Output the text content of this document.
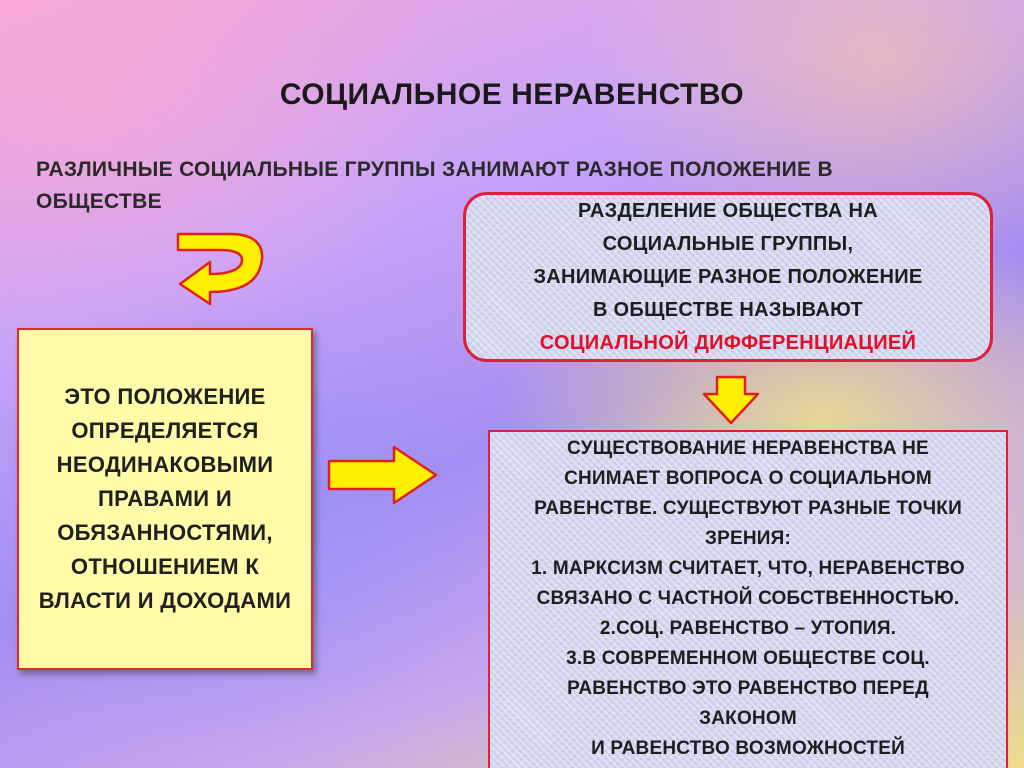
СОЦИАЛЬНОЕ НЕРАВЕНСТВО
РАЗЛИЧНЫЕ СОЦИАЛЬНЫЕ ГРУППЫ ЗАНИМАЮТ РАЗНОЕ ПОЛОЖЕНИЕ В ОБЩЕСТВЕ
ЭТО ПОЛОЖЕНИЕ ОПРЕДЕЛЯЕТСЯ НЕОДИНАКОВЫМИ ПРАВАМИ И ОБЯЗАННОСТЯМИ, ОТНОШЕНИЕМ К ВЛАСТИ И ДОХОДАМИ
РАЗДЕЛЕНИЕ ОБЩЕСТВА НА
СОЦИАЛЬНЫЕ ГРУППЫ,
ЗАНИМАЮЩИЕ РАЗНОЕ ПОЛОЖЕНИЕ
В ОБЩЕСТВЕ НАЗЫВАЮТ
СОЦИАЛЬНОЙ ДИФФЕРЕНЦИАЦИЕЙ
СУЩЕСТВОВАНИЕ НЕРАВЕНСТВА НЕ
СНИМАЕТ ВОПРОСА О СОЦИАЛЬНОМ
РАВЕНСТВЕ. СУЩЕСТВУЮТ РАЗНЫЕ ТОЧКИ
ЗРЕНИЯ:
1. МАРКСИЗМ СЧИТАЕТ, ЧТО, НЕРАВЕНСТВО
СВЯЗАНО С ЧАСТНОЙ СОБСТВЕННОСТЬЮ.
2.СОЦ. РАВЕНСТВО – УТОПИЯ.
3.В СОВРЕМЕННОМ ОБЩЕСТВЕ СОЦ.
РАВЕНСТВО ЭТО РАВЕНСТВО ПЕРЕД
ЗАКОНОМ
И РАВЕНСТВО ВОЗМОЖНОСТЕЙ
